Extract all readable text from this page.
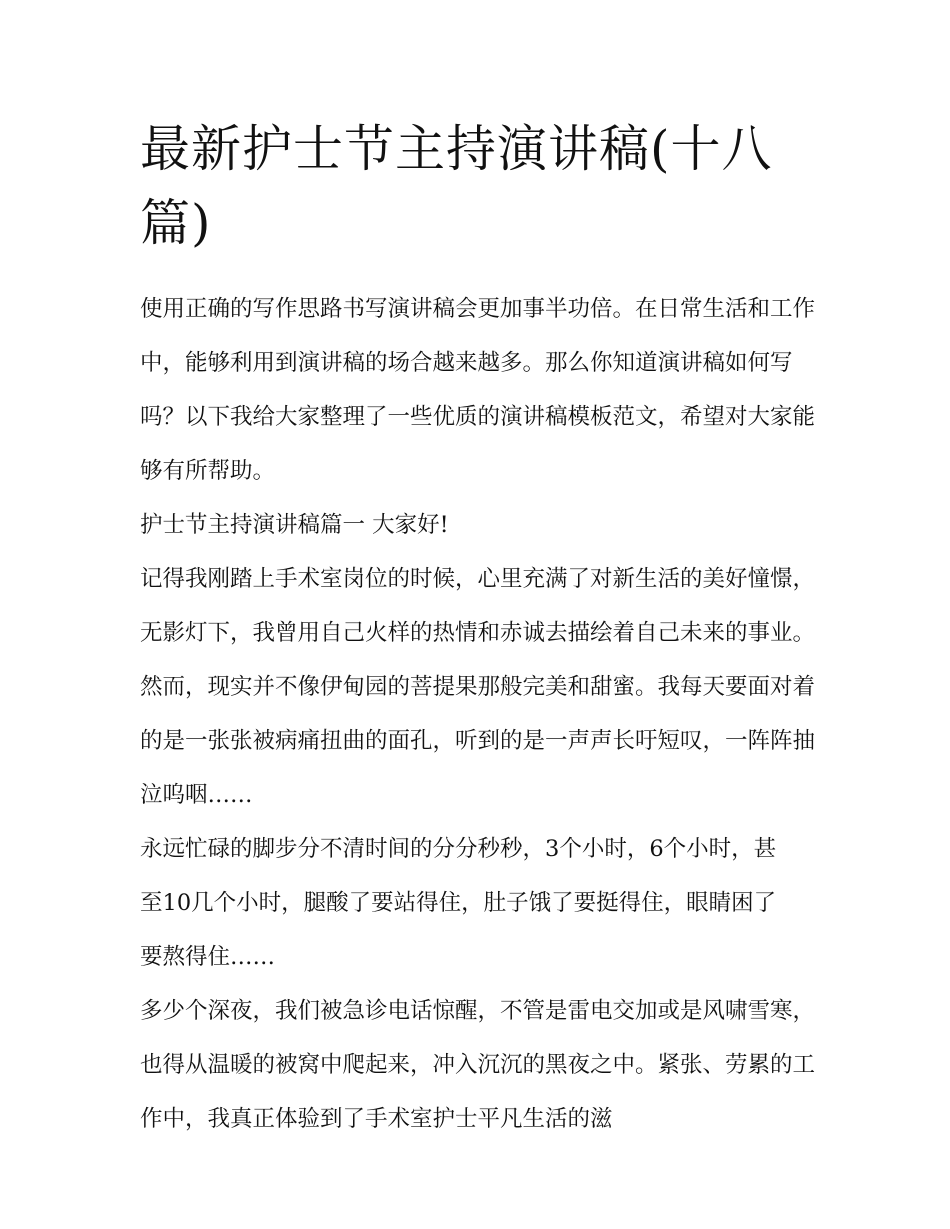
最新护士节主持演讲稿(十八篇)

使用正确的写作思路书写演讲稿会更加事半功倍。在日常生活和工作中，能够利用到演讲稿的场合越来越多。那么你知道演讲稿如何写吗？以下我给大家整理了一些优质的演讲稿模板范文，希望对大家能够有所帮助。

护士节主持演讲稿篇一 大家好!

记得我刚踏上手术室岗位的时候，心里充满了对新生活的美好憧憬，无影灯下，我曾用自己火样的热情和赤诚去描绘着自己未来的事业。然而，现实并不像伊甸园的菩提果那般完美和甜蜜。我每天要面对着的是一张张被病痛扭曲的面孔，听到的是一声声长吁短叹，一阵阵抽泣呜咽……

永远忙碌的脚步分不清时间的分分秒秒，3个小时，6个小时，甚至10几个小时，腿酸了要站得住，肚子饿了要挺得住，眼睛困了要熬得住……

多少个深夜，我们被急诊电话惊醒，不管是雷电交加或是风啸雪寒，也得从温暖的被窝中爬起来，冲入沉沉的黑夜之中。紧张、劳累的工作中，我真正体验到了手术室护士平凡生活的滋
